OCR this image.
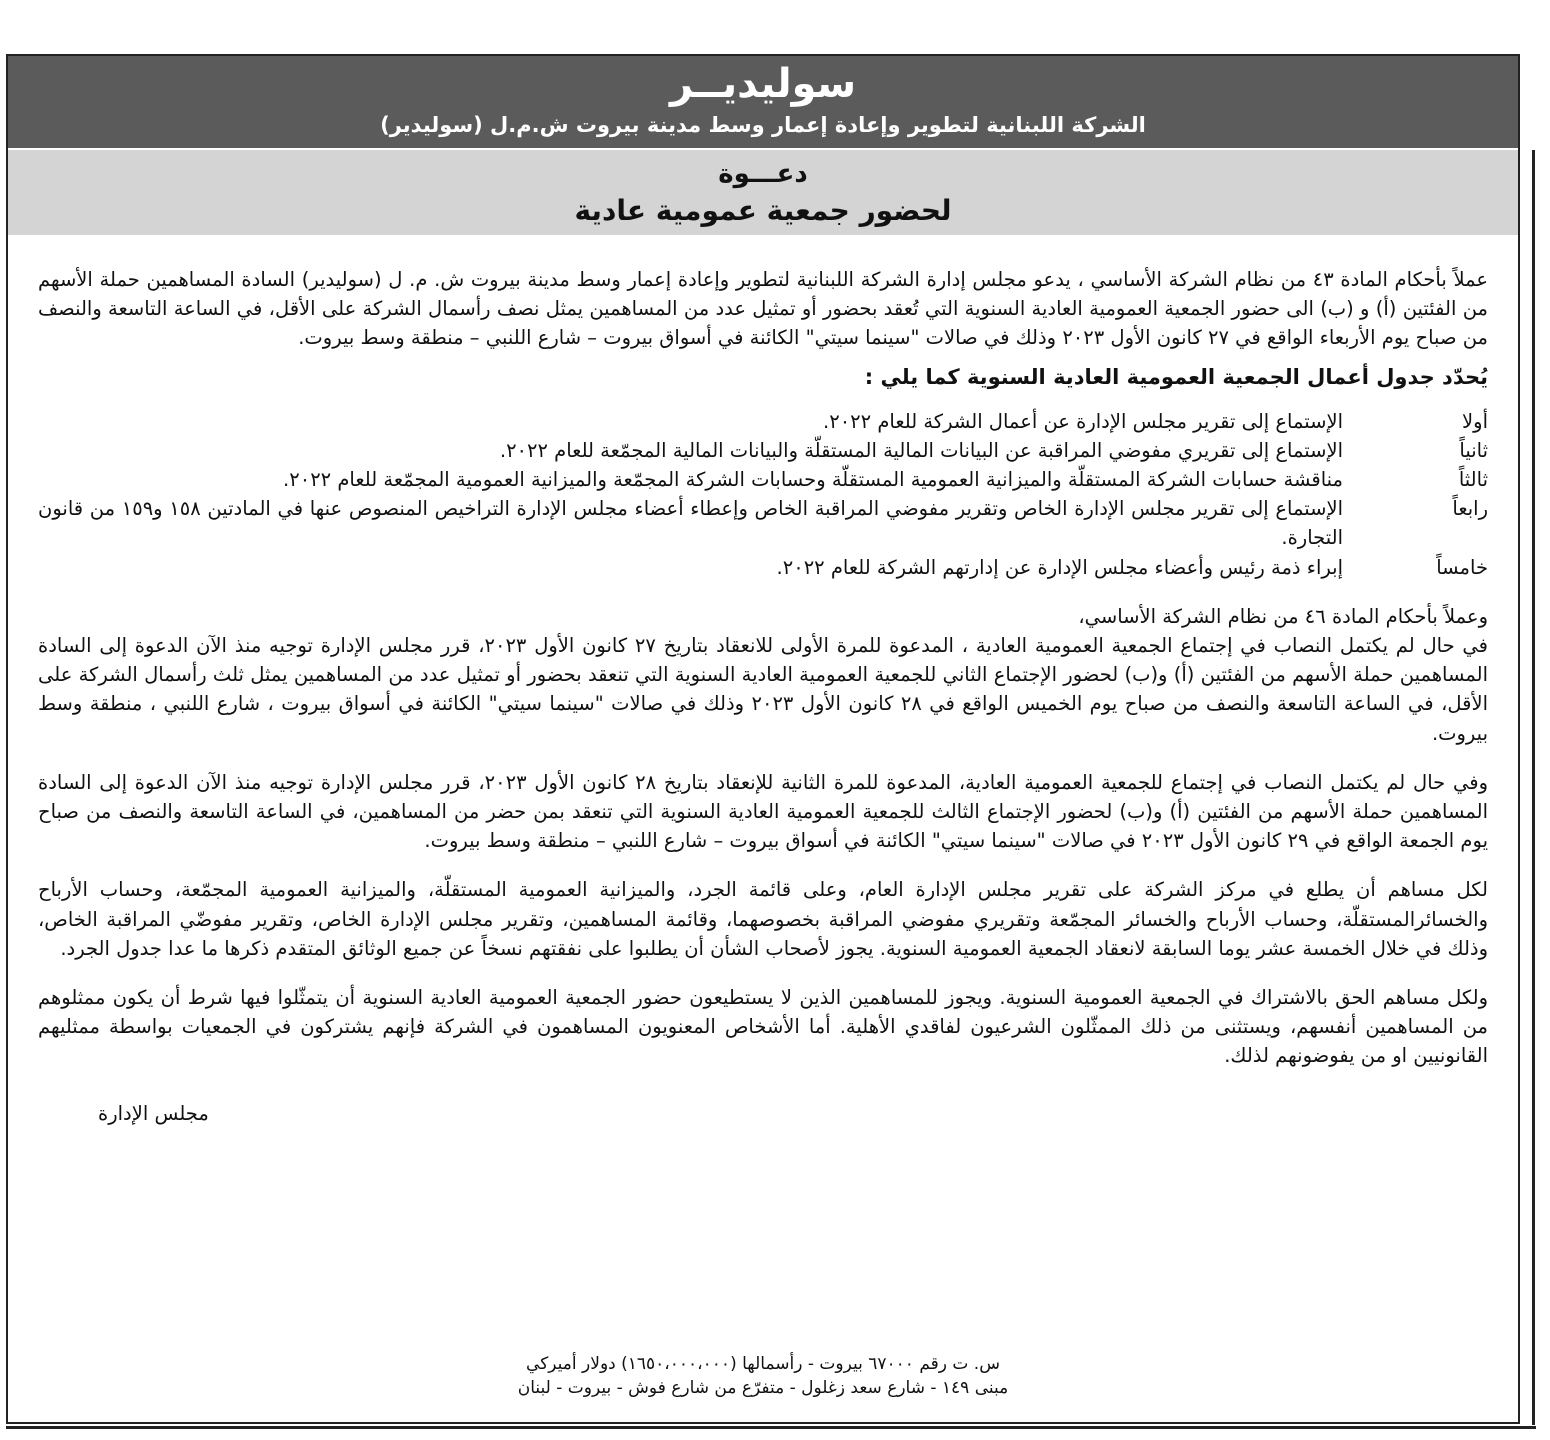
سوليديــر
الشركة اللبنانية لتطوير وإعادة إعمار وسط مدينة بيروت ش.م.ل (سوليدير)
دعـــوة
لحضور جمعية عمومية عادية

عملاً بأحكام المادة ٤٣ من نظام الشركة الأساسي ، يدعو مجلس إدارة الشركة اللبنانية لتطوير وإعادة إعمار وسط مدينة بيروت ش. م. ل (سوليدير) السادة المساهمين حملة الأسهم من الفئتين (أ) و (ب) الى حضور الجمعية العمومية العادية السنوية التي تُعقد بحضور أو تمثيل عدد من المساهمين يمثل نصف رأسمال الشركة على الأقل، في الساعة التاسعة والنصف من صباح يوم الأربعاء الواقع في ٢٧ كانون الأول ٢٠٢٣ وذلك في صالات "سينما سيتي" الكائنة في أسواق بيروت – شارع اللنبي – منطقة وسط بيروت.

يُحدّد جدول أعمال الجمعية العمومية العادية السنوية كما يلي :

أولا
الإستماع إلى تقرير مجلس الإدارة عن أعمال الشركة للعام ٢٠٢٢.
ثانياً
الإستماع إلى تقريري مفوضي المراقبة عن البيانات المالية المستقلّة والبيانات المالية المجمّعة للعام ٢٠٢٢.
ثالثاً
مناقشة حسابات الشركة المستقلّة والميزانية العمومية المستقلّة وحسابات الشركة المجمّعة والميزانية العمومية المجمّعة للعام ٢٠٢٢.
رابعاً
الإستماع إلى تقرير مجلس الإدارة الخاص وتقرير مفوضي المراقبة الخاص وإعطاء أعضاء مجلس الإدارة التراخيص المنصوص عنها في المادتين ١٥٨ و١٥٩ من قانون التجارة.
خامساً
إبراء ذمة رئيس وأعضاء مجلس الإدارة عن إدارتهم الشركة للعام ٢٠٢٢.

وعملاً بأحكام المادة ٤٦ من نظام الشركة الأساسي،

في حال لم يكتمل النصاب في إجتماع الجمعية العمومية العادية ، المدعوة للمرة الأولى للانعقاد بتاريخ ٢٧ كانون الأول ٢٠٢٣، قرر مجلس الإدارة توجيه منذ الآن الدعوة إلى السادة المساهمين حملة الأسهم من الفئتين (أ) و(ب) لحضور الإجتماع الثاني للجمعية العمومية العادية السنوية التي تنعقد بحضور أو تمثيل عدد من المساهمين يمثل ثلث رأسمال الشركة على الأقل، في الساعة التاسعة والنصف من صباح يوم الخميس الواقع في ٢٨ كانون الأول ٢٠٢٣ وذلك في صالات "سينما سيتي" الكائنة في أسواق بيروت ، شارع اللنبي ، منطقة وسط بيروت.

وفي حال لم يكتمل النصاب في إجتماع للجمعية العمومية العادية، المدعوة للمرة الثانية للإنعقاد بتاريخ ٢٨ كانون الأول ٢٠٢٣، قرر مجلس الإدارة توجيه منذ الآن الدعوة إلى السادة المساهمين حملة الأسهم من الفئتين (أ) و(ب) لحضور الإجتماع الثالث للجمعية العمومية العادية السنوية التي تنعقد بمن حضر من المساهمين، في الساعة التاسعة والنصف من صباح يوم الجمعة الواقع في ٢٩ كانون الأول ٢٠٢٣ في صالات "سينما سيتي" الكائنة في أسواق بيروت – شارع اللنبي – منطقة وسط بيروت.

لكل مساهم أن يطلع في مركز الشركة على تقرير مجلس الإدارة العام، وعلى قائمة الجرد، والميزانية العمومية المستقلّة، والميزانية العمومية المجمّعة، وحساب الأرباح والخسائرالمستقلّة، وحساب الأرباح والخسائر المجمّعة وتقريري مفوضي المراقبة بخصوصهما، وقائمة المساهمين، وتقرير مجلس الإدارة الخاص، وتقرير مفوضّي المراقبة الخاص، وذلك في خلال الخمسة عشر يوما السابقة لانعقاد الجمعية العمومية السنوية. يجوز لأصحاب الشأن أن يطلبوا على نفقتهم نسخاً عن جميع الوثائق المتقدم ذكرها ما عدا جدول الجرد.

ولكل مساهم الحق بالاشتراك في الجمعية العمومية السنوية. ويجوز للمساهمين الذين لا يستطيعون حضور الجمعية العمومية العادية السنوية أن يتمثّلوا فيها شرط أن يكون ممثلوهم من المساهمين أنفسهم، ويستثنى من ذلك الممثّلون الشرعيون لفاقدي الأهلية. أما الأشخاص المعنويون المساهمون في الشركة فإنهم يشتركون في الجمعيات بواسطة ممثليهم القانونيين او من يفوضونهم لذلك.

مجلس الإدارة
س. ت رقم ٦٧٠٠٠ بيروت - رأسمالها (١٦٥٠،٠٠٠،٠٠٠) دولار أميركي
مبنى ١٤٩ - شارع سعد زغلول - متفرّع من شارع فوش - بيروت - لبنان
